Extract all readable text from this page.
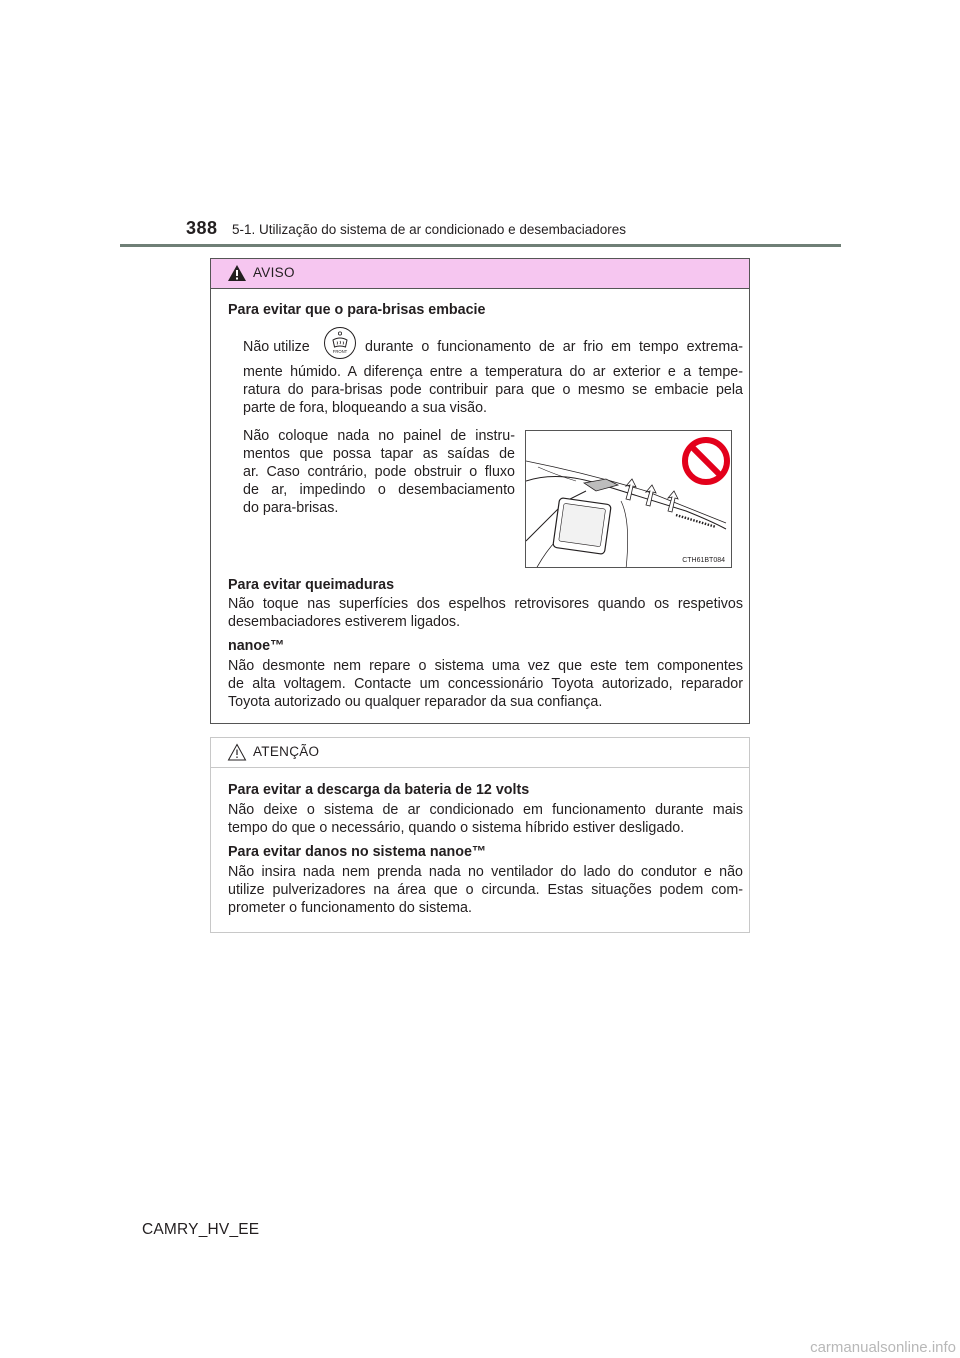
388 5-1. Utilização do sistema de ar condicionado e desembaciadores
AVISO
Para evitar que o para-brisas embacie
Não utilize	FRONT durante o funcionamento de ar frio em tempo extrema-
mente húmido. A diferença entre a temperatura do ar exterior e a tempe-
ratura do para-brisas pode contribuir para que o mesmo se embacie pela
parte de fora, bloqueando a sua visão.
Não coloque nada no painel de instru-
mentos que possa tapar as saídas de
ar. Caso contrário, pode obstruir o fluxo
de ar, impedindo o desembaciamento
do para-brisas.
CTH61BT084
Para evitar queimaduras
Não toque nas superfícies dos espelhos retrovisores quando os respetivos
desembaciadores estiverem ligados.
nanoe™
Não desmonte nem repare o sistema uma vez que este tem componentes
de alta voltagem. Contacte um concessionário Toyota autorizado, reparador
Toyota autorizado ou qualquer reparador da sua confiança.
ATENÇÃO
Para evitar a descarga da bateria de 12 volts
Não deixe o sistema de ar condicionado em funcionamento durante mais
tempo do que o necessário, quando o sistema híbrido estiver desligado.
Para evitar danos no sistema nanoe™
Não insira nada nem prenda nada no ventilador do lado do condutor e não
utilize pulverizadores na área que o circunda. Estas situações podem com-
prometer o funcionamento do sistema.
CAMRY_HV_EE
carmanualsonline.info
